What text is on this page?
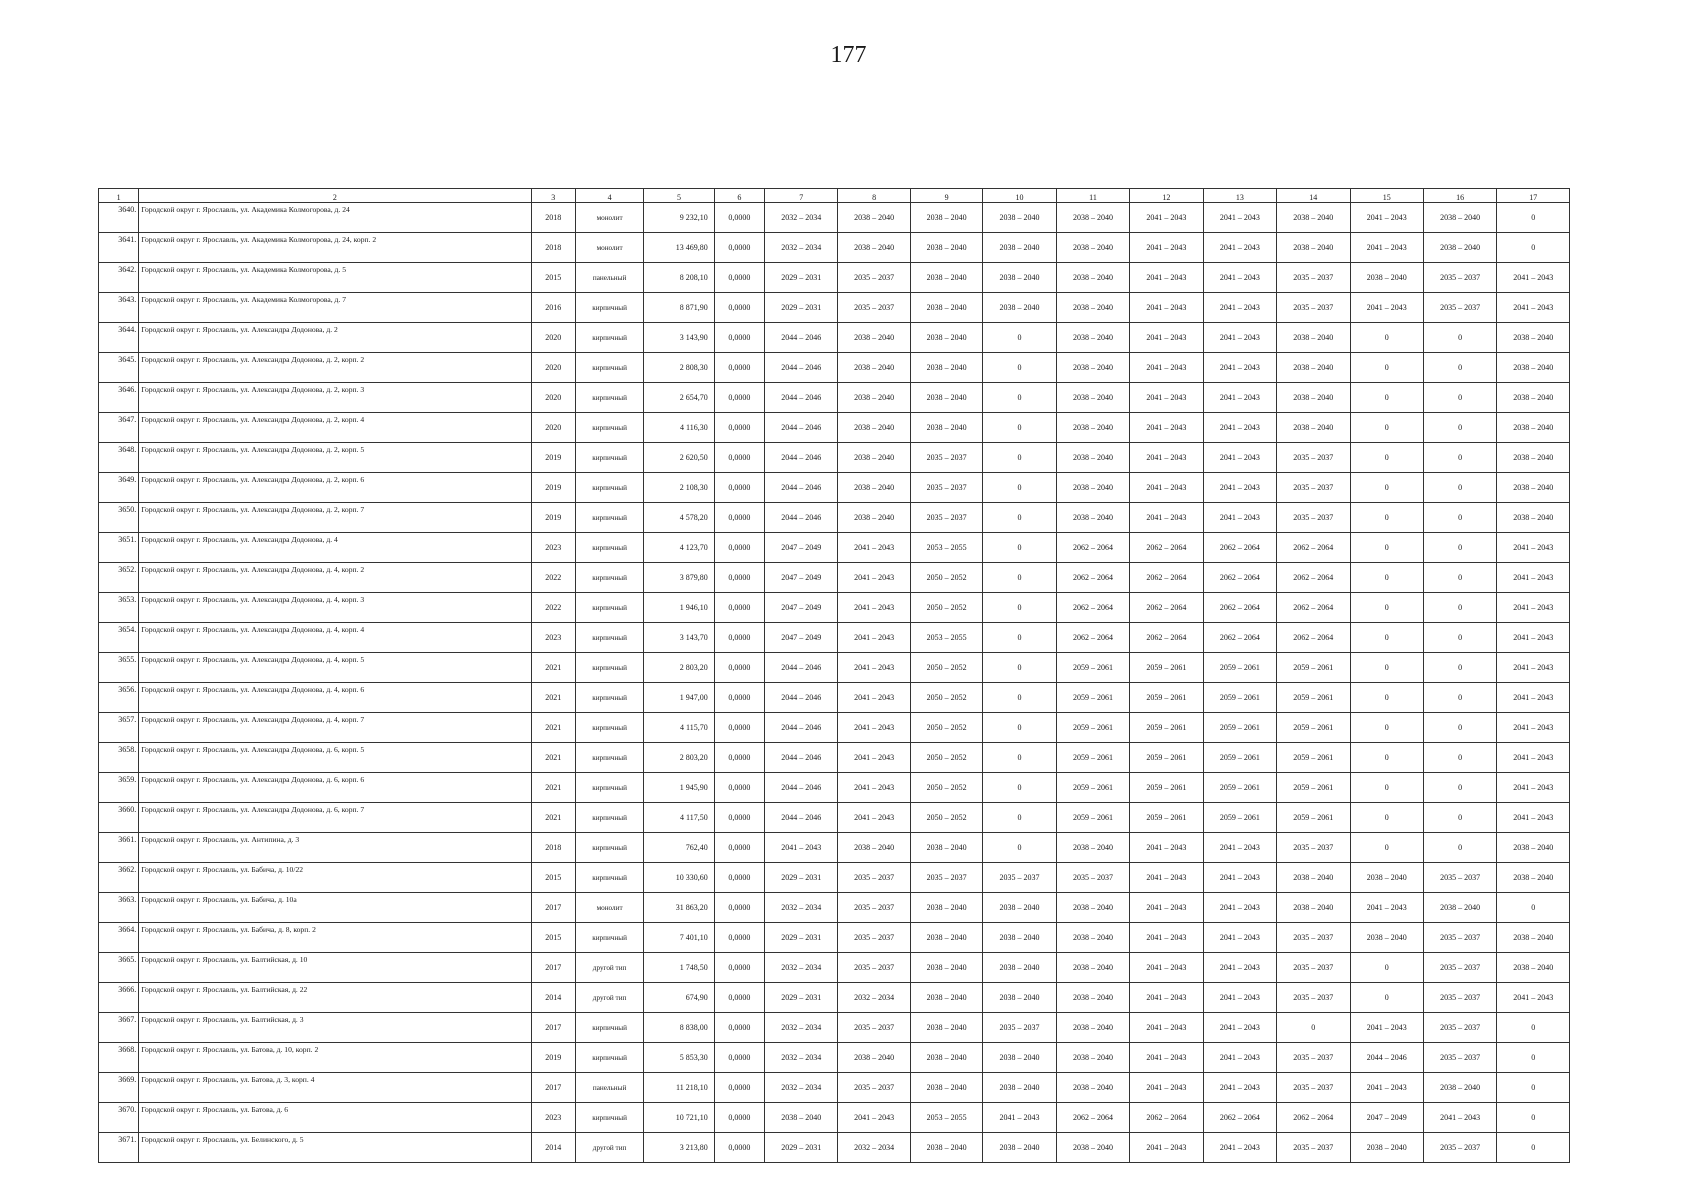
177
1	2	3	4	5	6	7	8	9	10	11	12	13	14	15	16	17
3640.	Городской округ г. Ярославль, ул. Академика Колмогорова, д. 24	2018	монолит	9 232,10	0,0000	2032 – 2034	2038 – 2040	2038 – 2040	2038 – 2040	2038 – 2040	2041 – 2043	2041 – 2043	2038 – 2040	2041 – 2043	2038 – 2040	0
3641.	Городской округ г. Ярославль, ул. Академика Колмогорова, д. 24, корп. 2	2018	монолит	13 469,80	0,0000	2032 – 2034	2038 – 2040	2038 – 2040	2038 – 2040	2038 – 2040	2041 – 2043	2041 – 2043	2038 – 2040	2041 – 2043	2038 – 2040	0
3642.	Городской округ г. Ярославль, ул. Академика Колмогорова, д. 5	2015	панельный	8 208,10	0,0000	2029 – 2031	2035 – 2037	2038 – 2040	2038 – 2040	2038 – 2040	2041 – 2043	2041 – 2043	2035 – 2037	2038 – 2040	2035 – 2037	2041 – 2043
3643.	Городской округ г. Ярославль, ул. Академика Колмогорова, д. 7	2016	кирпичный	8 871,90	0,0000	2029 – 2031	2035 – 2037	2038 – 2040	2038 – 2040	2038 – 2040	2041 – 2043	2041 – 2043	2035 – 2037	2041 – 2043	2035 – 2037	2041 – 2043
3644.	Городской округ г. Ярославль, ул. Александра Додонова, д. 2	2020	кирпичный	3 143,90	0,0000	2044 – 2046	2038 – 2040	2038 – 2040	0	2038 – 2040	2041 – 2043	2041 – 2043	2038 – 2040	0	0	2038 – 2040
3645.	Городской округ г. Ярославль, ул. Александра Додонова, д. 2, корп. 2	2020	кирпичный	2 808,30	0,0000	2044 – 2046	2038 – 2040	2038 – 2040	0	2038 – 2040	2041 – 2043	2041 – 2043	2038 – 2040	0	0	2038 – 2040
3646.	Городской округ г. Ярославль, ул. Александра Додонова, д. 2, корп. 3	2020	кирпичный	2 654,70	0,0000	2044 – 2046	2038 – 2040	2038 – 2040	0	2038 – 2040	2041 – 2043	2041 – 2043	2038 – 2040	0	0	2038 – 2040
3647.	Городской округ г. Ярославль, ул. Александра Додонова, д. 2, корп. 4	2020	кирпичный	4 116,30	0,0000	2044 – 2046	2038 – 2040	2038 – 2040	0	2038 – 2040	2041 – 2043	2041 – 2043	2038 – 2040	0	0	2038 – 2040
3648.	Городской округ г. Ярославль, ул. Александра Додонова, д. 2, корп. 5	2019	кирпичный	2 620,50	0,0000	2044 – 2046	2038 – 2040	2035 – 2037	0	2038 – 2040	2041 – 2043	2041 – 2043	2035 – 2037	0	0	2038 – 2040
3649.	Городской округ г. Ярославль, ул. Александра Додонова, д. 2, корп. 6	2019	кирпичный	2 108,30	0,0000	2044 – 2046	2038 – 2040	2035 – 2037	0	2038 – 2040	2041 – 2043	2041 – 2043	2035 – 2037	0	0	2038 – 2040
3650.	Городской округ г. Ярославль, ул. Александра Додонова, д. 2, корп. 7	2019	кирпичный	4 578,20	0,0000	2044 – 2046	2038 – 2040	2035 – 2037	0	2038 – 2040	2041 – 2043	2041 – 2043	2035 – 2037	0	0	2038 – 2040
3651.	Городской округ г. Ярославль, ул. Александра Додонова, д. 4	2023	кирпичный	4 123,70	0,0000	2047 – 2049	2041 – 2043	2053 – 2055	0	2062 – 2064	2062 – 2064	2062 – 2064	2062 – 2064	0	0	2041 – 2043
3652.	Городской округ г. Ярославль, ул. Александра Додонова, д. 4, корп. 2	2022	кирпичный	3 879,80	0,0000	2047 – 2049	2041 – 2043	2050 – 2052	0	2062 – 2064	2062 – 2064	2062 – 2064	2062 – 2064	0	0	2041 – 2043
3653.	Городской округ г. Ярославль, ул. Александра Додонова, д. 4, корп. 3	2022	кирпичный	1 946,10	0,0000	2047 – 2049	2041 – 2043	2050 – 2052	0	2062 – 2064	2062 – 2064	2062 – 2064	2062 – 2064	0	0	2041 – 2043
3654.	Городской округ г. Ярославль, ул. Александра Додонова, д. 4, корп. 4	2023	кирпичный	3 143,70	0,0000	2047 – 2049	2041 – 2043	2053 – 2055	0	2062 – 2064	2062 – 2064	2062 – 2064	2062 – 2064	0	0	2041 – 2043
3655.	Городской округ г. Ярославль, ул. Александра Додонова, д. 4, корп. 5	2021	кирпичный	2 803,20	0,0000	2044 – 2046	2041 – 2043	2050 – 2052	0	2059 – 2061	2059 – 2061	2059 – 2061	2059 – 2061	0	0	2041 – 2043
3656.	Городской округ г. Ярославль, ул. Александра Додонова, д. 4, корп. 6	2021	кирпичный	1 947,00	0,0000	2044 – 2046	2041 – 2043	2050 – 2052	0	2059 – 2061	2059 – 2061	2059 – 2061	2059 – 2061	0	0	2041 – 2043
3657.	Городской округ г. Ярославль, ул. Александра Додонова, д. 4, корп. 7	2021	кирпичный	4 115,70	0,0000	2044 – 2046	2041 – 2043	2050 – 2052	0	2059 – 2061	2059 – 2061	2059 – 2061	2059 – 2061	0	0	2041 – 2043
3658.	Городской округ г. Ярославль, ул. Александра Додонова, д. 6, корп. 5	2021	кирпичный	2 803,20	0,0000	2044 – 2046	2041 – 2043	2050 – 2052	0	2059 – 2061	2059 – 2061	2059 – 2061	2059 – 2061	0	0	2041 – 2043
3659.	Городской округ г. Ярославль, ул. Александра Додонова, д. 6, корп. 6	2021	кирпичный	1 945,90	0,0000	2044 – 2046	2041 – 2043	2050 – 2052	0	2059 – 2061	2059 – 2061	2059 – 2061	2059 – 2061	0	0	2041 – 2043
3660.	Городской округ г. Ярославль, ул. Александра Додонова, д. 6, корп. 7	2021	кирпичный	4 117,50	0,0000	2044 – 2046	2041 – 2043	2050 – 2052	0	2059 – 2061	2059 – 2061	2059 – 2061	2059 – 2061	0	0	2041 – 2043
3661.	Городской округ г. Ярославль, ул. Антипина, д. 3	2018	кирпичный	762,40	0,0000	2041 – 2043	2038 – 2040	2038 – 2040	0	2038 – 2040	2041 – 2043	2041 – 2043	2035 – 2037	0	0	2038 – 2040
3662.	Городской округ г. Ярославль, ул. Бабича, д. 10/22	2015	кирпичный	10 330,60	0,0000	2029 – 2031	2035 – 2037	2035 – 2037	2035 – 2037	2035 – 2037	2041 – 2043	2041 – 2043	2038 – 2040	2038 – 2040	2035 – 2037	2038 – 2040
3663.	Городской округ г. Ярославль, ул. Бабича, д. 10а	2017	монолит	31 863,20	0,0000	2032 – 2034	2035 – 2037	2038 – 2040	2038 – 2040	2038 – 2040	2041 – 2043	2041 – 2043	2038 – 2040	2041 – 2043	2038 – 2040	0
3664.	Городской округ г. Ярославль, ул. Бабича, д. 8, корп. 2	2015	кирпичный	7 401,10	0,0000	2029 – 2031	2035 – 2037	2038 – 2040	2038 – 2040	2038 – 2040	2041 – 2043	2041 – 2043	2035 – 2037	2038 – 2040	2035 – 2037	2038 – 2040
3665.	Городской округ г. Ярославль, ул. Балтийская, д. 10	2017	другой тип	1 748,50	0,0000	2032 – 2034	2035 – 2037	2038 – 2040	2038 – 2040	2038 – 2040	2041 – 2043	2041 – 2043	2035 – 2037	0	2035 – 2037	2038 – 2040
3666.	Городской округ г. Ярославль, ул. Балтийская, д. 22	2014	другой тип	674,90	0,0000	2029 – 2031	2032 – 2034	2038 – 2040	2038 – 2040	2038 – 2040	2041 – 2043	2041 – 2043	2035 – 2037	0	2035 – 2037	2041 – 2043
3667.	Городской округ г. Ярославль, ул. Балтийская, д. 3	2017	кирпичный	8 838,00	0,0000	2032 – 2034	2035 – 2037	2038 – 2040	2035 – 2037	2038 – 2040	2041 – 2043	2041 – 2043	0	2041 – 2043	2035 – 2037	0
3668.	Городской округ г. Ярославль, ул. Батова, д. 10, корп. 2	2019	кирпичный	5 853,30	0,0000	2032 – 2034	2038 – 2040	2038 – 2040	2038 – 2040	2038 – 2040	2041 – 2043	2041 – 2043	2035 – 2037	2044 – 2046	2035 – 2037	0
3669.	Городской округ г. Ярославль, ул. Батова, д. 3, корп. 4	2017	панельный	11 218,10	0,0000	2032 – 2034	2035 – 2037	2038 – 2040	2038 – 2040	2038 – 2040	2041 – 2043	2041 – 2043	2035 – 2037	2041 – 2043	2038 – 2040	0
3670.	Городской округ г. Ярославль, ул. Батова, д. 6	2023	кирпичный	10 721,10	0,0000	2038 – 2040	2041 – 2043	2053 – 2055	2041 – 2043	2062 – 2064	2062 – 2064	2062 – 2064	2062 – 2064	2047 – 2049	2041 – 2043	0
3671.	Городской округ г. Ярославль, ул. Белинского, д. 5	2014	другой тип	3 213,80	0,0000	2029 – 2031	2032 – 2034	2038 – 2040	2038 – 2040	2038 – 2040	2041 – 2043	2041 – 2043	2035 – 2037	2038 – 2040	2035 – 2037	0
